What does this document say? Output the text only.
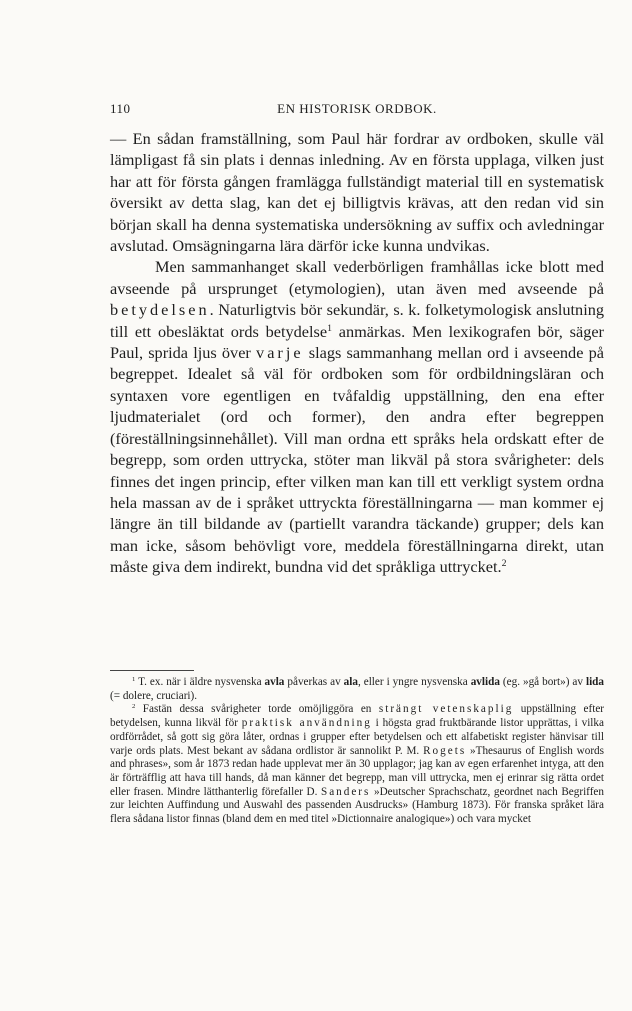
110	EN HISTORISK ORDBOK.

— En sådan framställning, som Paul här fordrar av ordboken, skulle väl lämpligast få sin plats i dennas inledning. Av en första upplaga, vilken just har att för första gången framlägga fullständigt material till en systematisk översikt av detta slag, kan det ej billigtvis krävas, att den redan vid sin början skall ha denna systematiska undersökning av suffix och avledningar avslutad. Omsägningarna lära därför icke kunna undvikas.

Men sammanhanget skall vederbörligen framhållas icke blott med avseende på ursprunget (etymologien), utan även med avseende på betydelsen. Naturligtvis bör sekundär, s. k. folketymologisk anslutning till ett obesläktat ords betydelse$^1$ anmärkas. Men lexikografen bör, säger Paul, sprida ljus över varje slags sammanhang mellan ord i avseende på begreppet. Idealet så väl för ordboken som för ordbildningsläran och syntaxen vore egentligen en tvåfaldig uppställning, den ena efter ljudmaterialet (ord och former), den andra efter begreppen (föreställningsinnehållet). Vill man ordna ett språks hela ordskatt efter de begrepp, som orden uttrycka, stöter man likväl på stora svårigheter: dels finnes det ingen princip, efter vilken man kan till ett verkligt system ordna hela massan av de i språket uttryckta föreställningarna — man kommer ej längre än till bildande av (partiellt varandra täckande) grupper; dels kan man icke, såsom behövligt vore, meddela föreställningarna direkt, utan måste giva dem indirekt, bundna vid det språkliga uttrycket.$^2$

$^1$ T. ex. när i äldre nysvenska avla påverkas av ala, eller i yngre nysvenska avlida (eg. »gå bort») av lida (= dolere, cruciari).

$^2$ Fastän dessa svårigheter torde omöjliggöra en strängt vetenskaplig uppställning efter betydelsen, kunna likväl för praktisk användning i högsta grad fruktbärande listor upprättas, i vilka ordförrådet, så gott sig göra låter, ordnas i grupper efter betydelsen och ett alfabetiskt register hänvisar till varje ords plats. Mest bekant av sådana ordlistor är sannolikt P. M. Rogets »Thesaurus of English words and phrases», som år 1873 redan hade upplevat mer än 30 upplagor; jag kan av egen erfarenhet intyga, att den är förträfflig att hava till hands, då man känner det begrepp, man vill uttrycka, men ej erinrar sig rätta ordet eller frasen. Mindre lätthanterlig förefaller D. Sanders »Deutscher Sprachschatz, geordnet nach Begriffen zur leichten Auffindung und Auswahl des passenden Ausdrucks» (Hamburg 1873). För franska språket lära flera sådana listor finnas (bland dem en med titel »Dictionnaire analogique») och vara mycket
